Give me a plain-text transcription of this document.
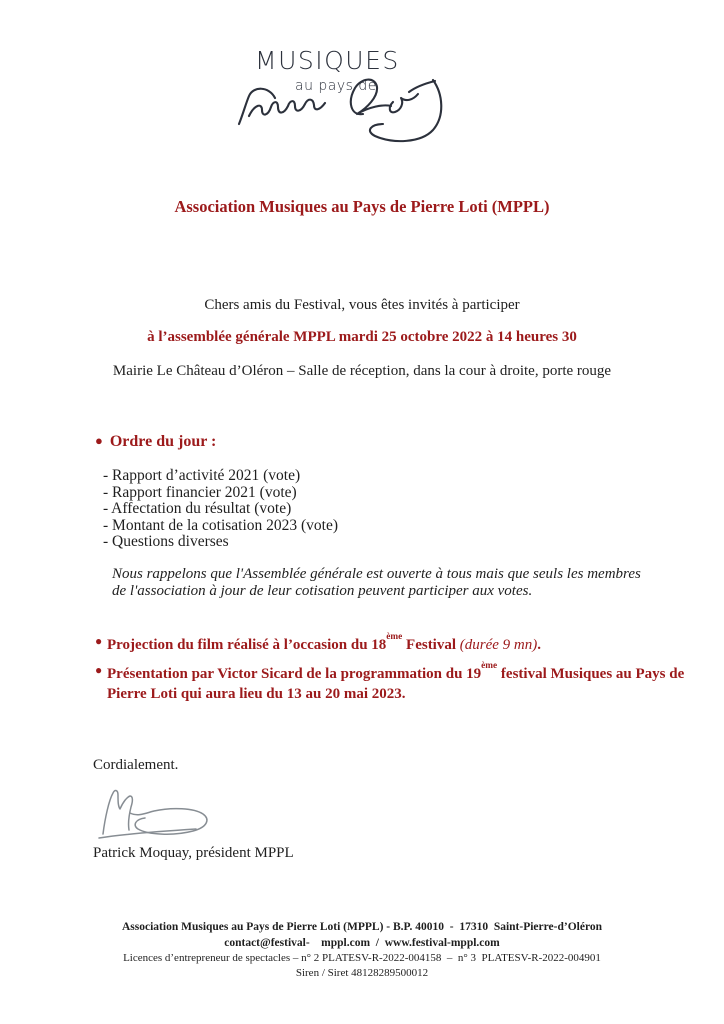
MUSIQUES
au pays de
Association Musiques au Pays de Pierre Loti (MPPL)

Chers amis du Festival, vous êtes invités à participer

à l’assemblée générale MPPL mardi 25 octobre 2022 à 14 heures 30

Mairie Le Château d’Oléron – Salle de réception, dans la cour à droite, porte rouge

● Ordre du jour :
- Rapport d’activité 2021 (vote)
- Rapport financier 2021 (vote)
- Affectation du résultat (vote)
- Montant de la cotisation 2023 (vote)
- Questions diverses

Nous rappelons que l'Assemblée générale est ouverte à tous mais que seuls les membres
de l'association à jour de leur cotisation peuvent participer aux votes.

● Projection du film réalisé à l’occasion du 18ème Festival (durée 9 mn).
● Présentation par Victor Sicard de la programmation du 19ème festival Musiques au Pays de
Pierre Loti qui aura lieu du 13 au 20 mai 2023.

Cordialement.

Patrick Moquay, président MPPL

Association Musiques au Pays de Pierre Loti (MPPL) - B.P. 40010  -  17310  Saint-Pierre-d’Oléron
contact@festival-    mppl.com  /  www.festival-mppl.com
Licences d’entrepreneur de spectacles – n° 2 PLATESV-R-2022-004158  –  n° 3  PLATESV-R-2022-004901
Siren / Siret 48128289500012
